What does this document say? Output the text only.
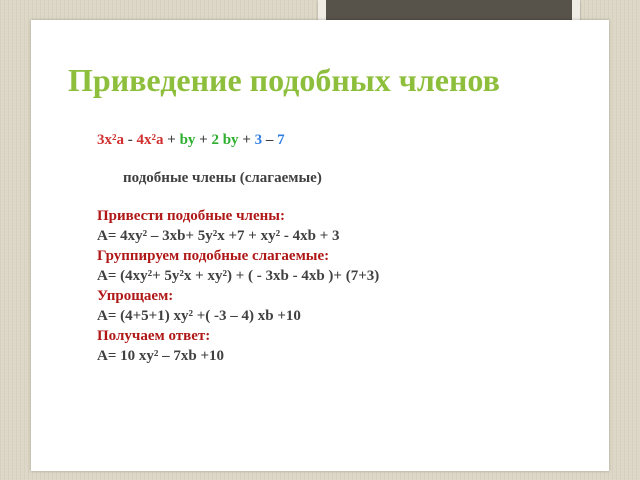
Приведение подобных членов
3x²a - 4x²a + by + 2 by + 3 – 7
подобные члены (слагаемые)
Привести подобные члены:
А= 4xy² – 3xb+ 5y²x +7 + xy² - 4xb + 3
Группируем подобные слагаемые:
А= (4xy²+ 5y²x + xy²) + ( - 3xb - 4xb )+ (7+3)
Упрощаем:
А= (4+5+1) xy² +( -3 – 4) xb +10
Получаем ответ:
А= 10 xy² – 7xb +10
